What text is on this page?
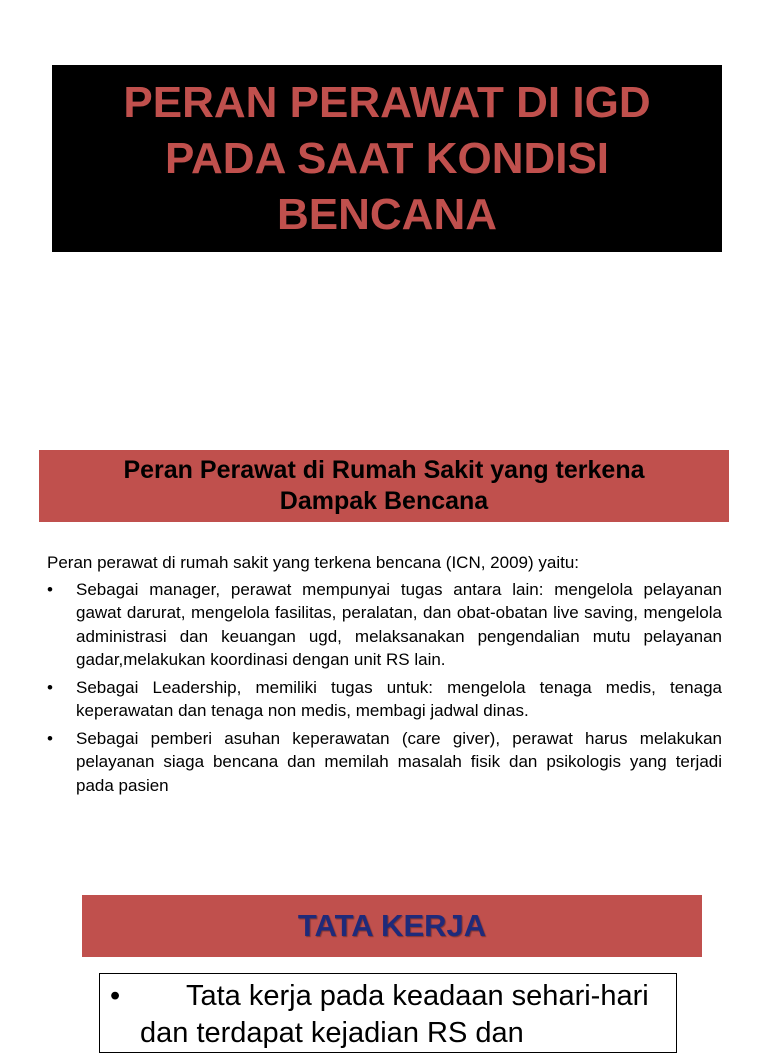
PERAN PERAWAT DI IGD
PADA SAAT KONDISI
BENCANA
Peran Perawat di Rumah Sakit yang terkena
Dampak Bencana

Peran perawat di rumah sakit yang terkena bencana (ICN, 2009) yaitu:

• Sebagai manager, perawat mempunyai tugas antara lain: mengelola pelayanan gawat darurat, mengelola fasilitas, peralatan, dan obat-obatan live saving, mengelola administrasi dan keuangan ugd, melaksanakan pengendalian mutu pelayanan gadar,melakukan koordinasi dengan unit RS lain.
• Sebagai Leadership, memiliki tugas untuk: mengelola tenaga medis, tenaga keperawatan dan tenaga non medis, membagi jadwal dinas.
• Sebagai pemberi asuhan keperawatan (care giver), perawat harus melakukan pelayanan siaga bencana dan memilah masalah fisik dan psikologis yang terjadi pada pasien
TATA KERJA
• Tata kerja pada keadaan sehari-hari
dan terdapat kejadian RS dan
